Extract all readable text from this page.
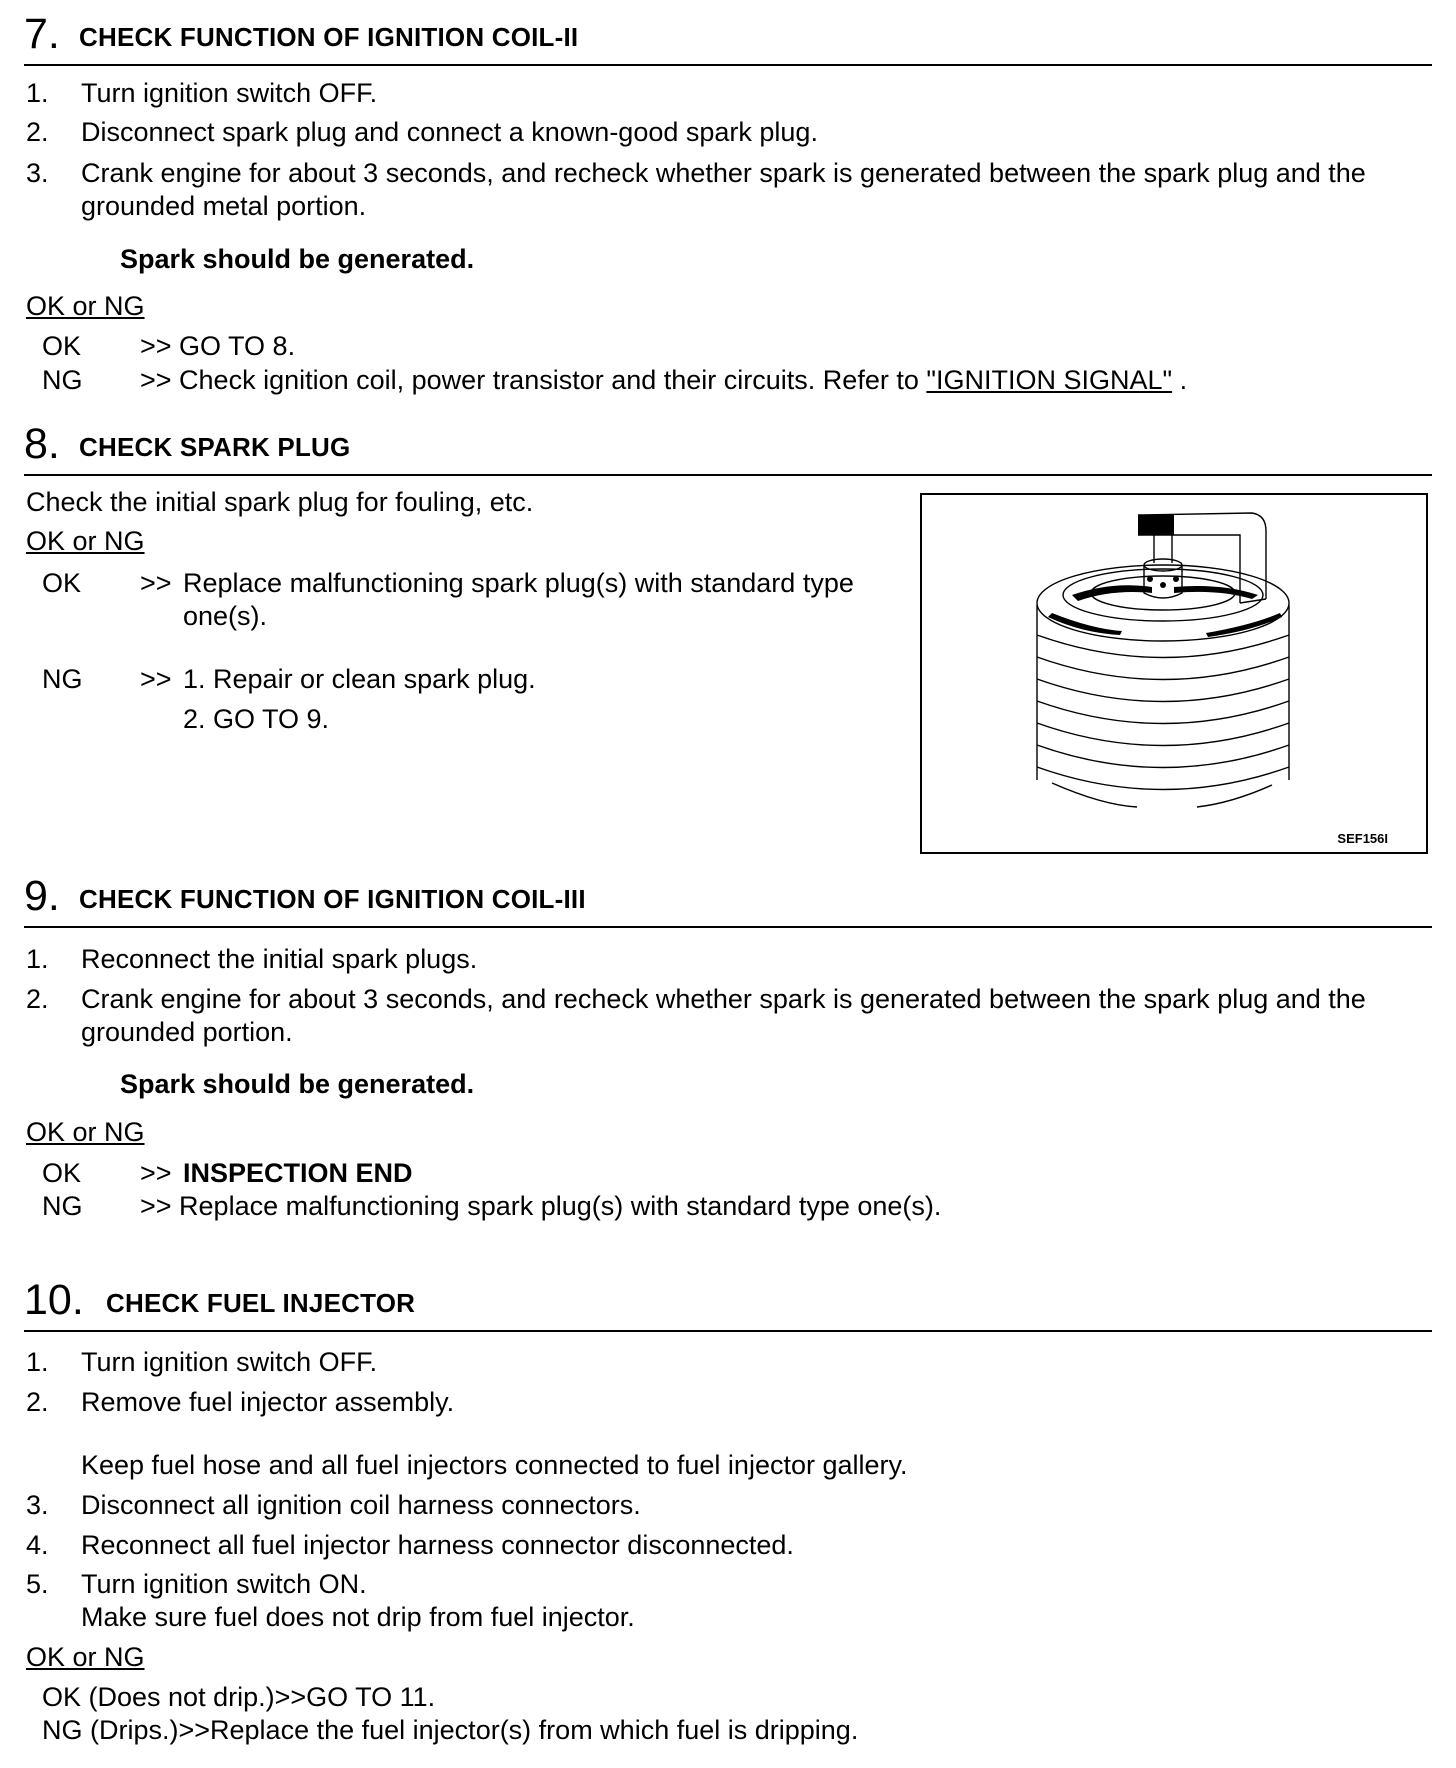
7. CHECK FUNCTION OF IGNITION COIL-II
1. Turn ignition switch OFF.
2. Disconnect spark plug and connect a known-good spark plug.
3. Crank engine for about 3 seconds, and recheck whether spark is generated between the spark plug and the grounded metal portion.
Spark should be generated.
OK or NG
OK >> GO TO 8.
NG >> Check ignition coil, power transistor and their circuits. Refer to "IGNITION SIGNAL" .
8. CHECK SPARK PLUG
Check the initial spark plug for fouling, etc.
OK or NG
OK >> Replace malfunctioning spark plug(s) with standard type
one(s).
NG >> 1. Repair or clean spark plug.
2. GO TO 9.
SEF156I
9. CHECK FUNCTION OF IGNITION COIL-III
1. Reconnect the initial spark plugs.
2. Crank engine for about 3 seconds, and recheck whether spark is generated between the spark plug and the grounded portion.
Spark should be generated.
OK or NG
OK >> INSPECTION END
NG >> Replace malfunctioning spark plug(s) with standard type one(s).
10. CHECK FUEL INJECTOR
1. Turn ignition switch OFF.
2. Remove fuel injector assembly.
Keep fuel hose and all fuel injectors connected to fuel injector gallery.
3. Disconnect all ignition coil harness connectors.
4. Reconnect all fuel injector harness connector disconnected.
5. Turn ignition switch ON.
Make sure fuel does not drip from fuel injector.
OK or NG
OK (Does not drip.)>>GO TO 11.
NG (Drips.)>>Replace the fuel injector(s) from which fuel is dripping.
